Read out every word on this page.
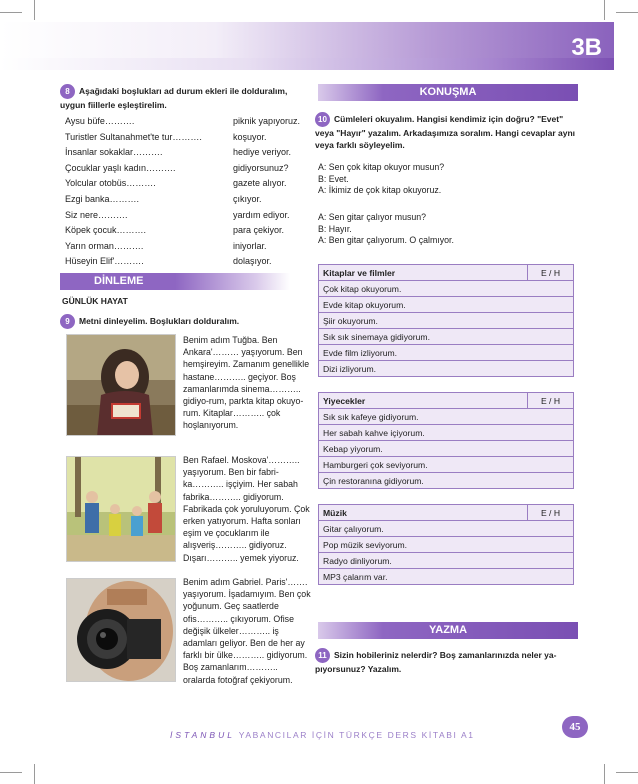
3B
8 Aşağıdaki boşlukları ad durum ekleri ile dolduralım, uygun fiillerle eşleştirelim.
Aysu büfe……….	piknik yapıyoruz.
Turistler Sultanahmet'te tur……….	koşuyor.
İnsanlar sokaklar……….	hediye veriyor.
Çocuklar yaşlı kadın……….	gidiyorsunuz?
Yolcular otobüs……….	gazete alıyor.
Ezgi banka……….	çıkıyor.
Siz nere……….	yardım ediyor.
Köpek çocuk……….	para çekiyor.
Yarın orman……….	iniyorlar.
Hüseyin Elif'……….	dolaşıyor.
DİNLEME
GÜNLÜK HAYAT
9 Metni dinleyelim. Boşlukları dolduralım.
Benim adım Tuğba. Ben Ankara'……… yaşıyorum. Ben hemşireyim. Zamanım genellikle hastane……….. geçiyor. Boş zamanlarımda sinema……….. gidiyo-rum, parkta kitap okuyo-rum. Kitaplar……….. çok hoşlanıyorum.
Ben Rafael. Moskova'……….. yaşıyorum. Ben bir fabri-ka……….. işçiyim. Her sabah fabrika……….. gidiyorum. Fabrikada çok yoruluyorum. Çok erken yatıyorum. Hafta sonları eşim ve çocuklarım ile alışveriş……….. gidiyoruz. Dışarı……….. yemek yiyoruz.
Benim adım Gabriel. Paris'……. yaşıyorum. İşadamıyım. Ben çok yoğunum. Geç saatlerde ofis……….. çıkıyorum. Ofise değişik ülkeler……….. iş adamları geliyor. Ben de her ay farklı bir ülke……….. gidiyorum. Boş zamanlarım……….. oralarda fotoğraf çekiyorum.
KONUŞMA
10 Cümleleri okuyalım. Hangisi kendimiz için doğru? "Evet" veya "Hayır" yazalım. Arkadaşımıza soralım. Hangi cevaplar aynı veya farklı söyleyelim.
A: Sen çok kitap okuyor musun?
B: Evet.
A: İkimiz de çok kitap okuyoruz.
A: Sen gitar çalıyor musun?
B: Hayır.
A: Ben gitar çalıyorum. O çalmıyor.
Kitaplar ve filmler	E / H
Çok kitap okuyorum.
Evde kitap okuyorum.
Şiir okuyorum.
Sık sık sinemaya gidiyorum.
Evde film izliyorum.
Dizi izliyorum.
Yiyecekler	E / H
Sık sık kafeye gidiyorum.
Her sabah kahve içiyorum.
Kebap yiyorum.
Hamburgeri çok seviyorum.
Çin restoranına gidiyorum.
Müzik	E / H
Gitar çalıyorum.
Pop müzik seviyorum.
Radyo dinliyorum.
MP3 çalarım var.
YAZMA
11 Sizin hobileriniz nelerdir? Boş zamanlarınızda neler ya-pıyorsunuz? Yazalım.
İSTANBUL YABANCILAR İÇİN TÜRKÇE DERS KİTABI A1
45
